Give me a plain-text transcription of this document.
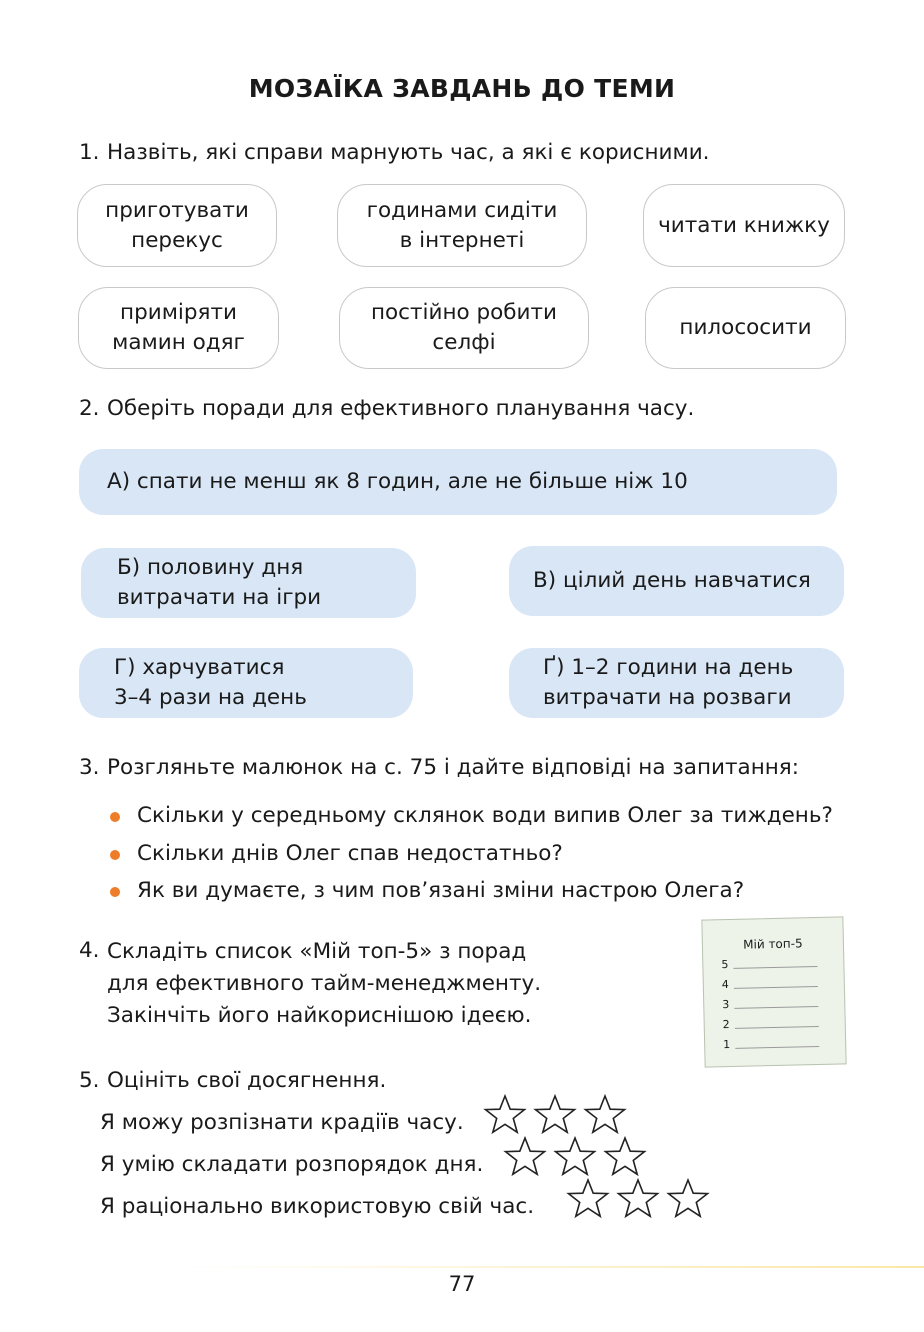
МОЗАЇКА ЗАВДАНЬ ДО ТЕМИ
1. Назвіть, які справи марнують час, а які є корисними.
приготувати
перекус
годинами сидіти
в інтернеті
читати книжку
приміряти
мамин одяг
постійно робити
селфі
пилососити
2. Оберіть поради для ефективного планування часу.
А) спати не менш як 8 годин, але не більше ніж 10
Б) половину дня
витрачати на ігри
В) цілий день навчатися
Г) харчуватися
3–4 рази на день
Ґ) 1–2 години на день
витрачати на розваги
3. Розгляньте малюнок на с. 75 і дайте відповіді на запитання:
Скільки у середньому склянок води випив Олег за тиждень?
Скільки днів Олег спав недостатньо?
Як ви думаєте, з чим пов’язані зміни настрою Олега?
4. Складіть список «Мій топ-5» з порад
для ефективного тайм-менеджменту.
Закінчіть його найкориснішою ідеєю.
Мій топ-5
5
4
3
2
1
5. Оцініть свої досягнення.
Я можу розпізнати крадіїв часу.
Я умію складати розпорядок дня.
Я раціонально використовую свій час.
77
